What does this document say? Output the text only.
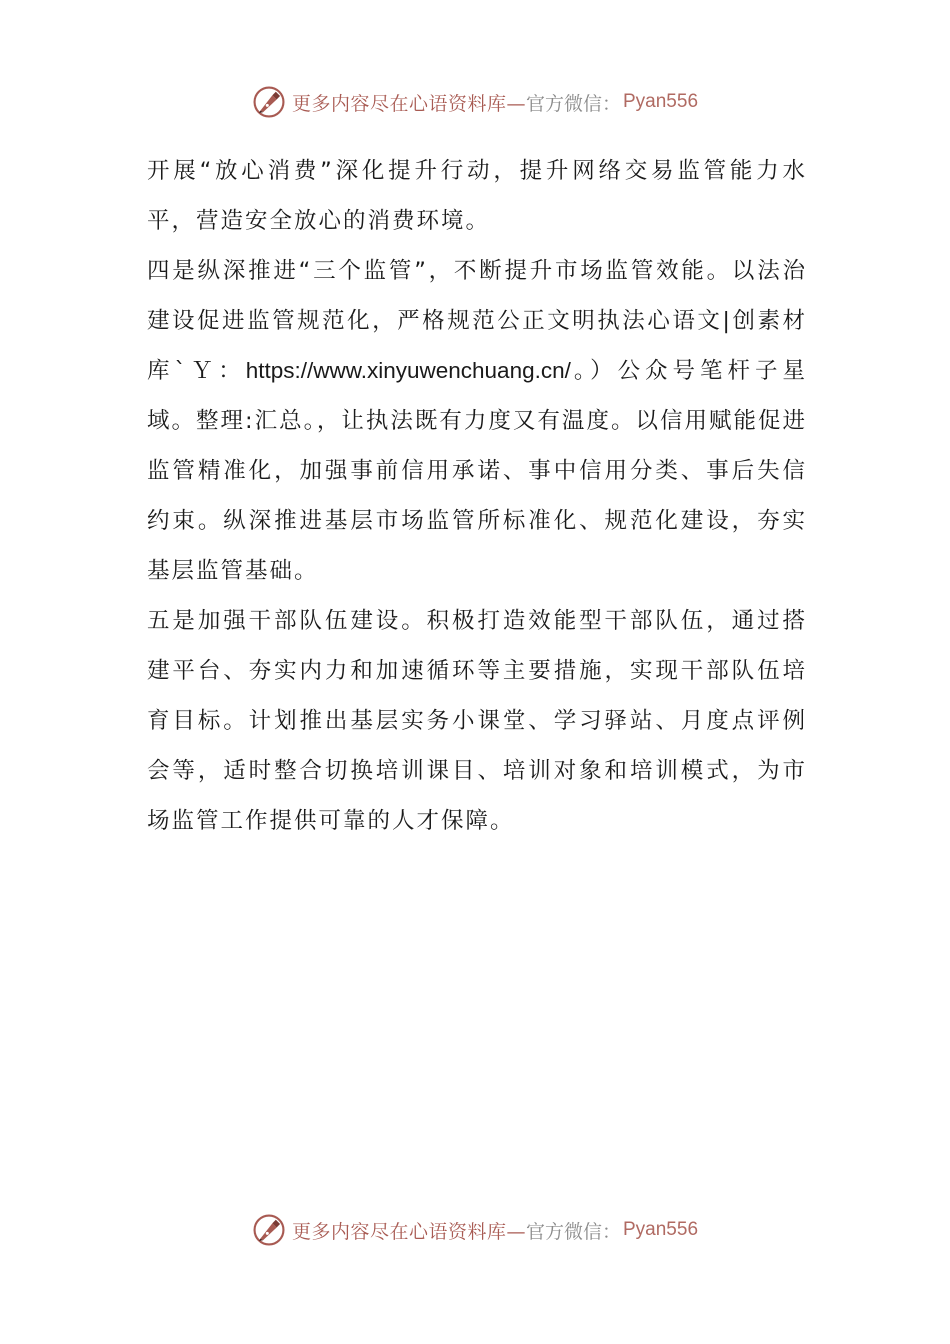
更多内容尽在心语资料库— 官方微信： Pyan556

开展“放心消费”深化提升行动，提升网络交易监管能力水平，营造安全放心的消费环境。

四是纵深推进“三个监管”，不断提升市场监管效能。以法治建设促进监管规范化，严格规范公正文明执法心语文|创素材库`Ｙ：https://www.xinyuwenchuang.cn/。）公众号笔杆子星域。整理:汇总。，让执法既有力度又有温度。以信用赋能促进监管精准化，加强事前信用承诺、事中信用分类、事后失信约束。纵深推进基层市场监管所标准化、规范化建设，夯实基层监管基础。

五是加强干部队伍建设。积极打造效能型干部队伍，通过搭建平台、夯实内力和加速循环等主要措施，实现干部队伍培育目标。计划推出基层实务小课堂、学习驿站、月度点评例会等，适时整合切换培训课目、培训对象和培训模式，为市场监管工作提供可靠的人才保障。

更多内容尽在心语资料库— 官方微信： Pyan556
